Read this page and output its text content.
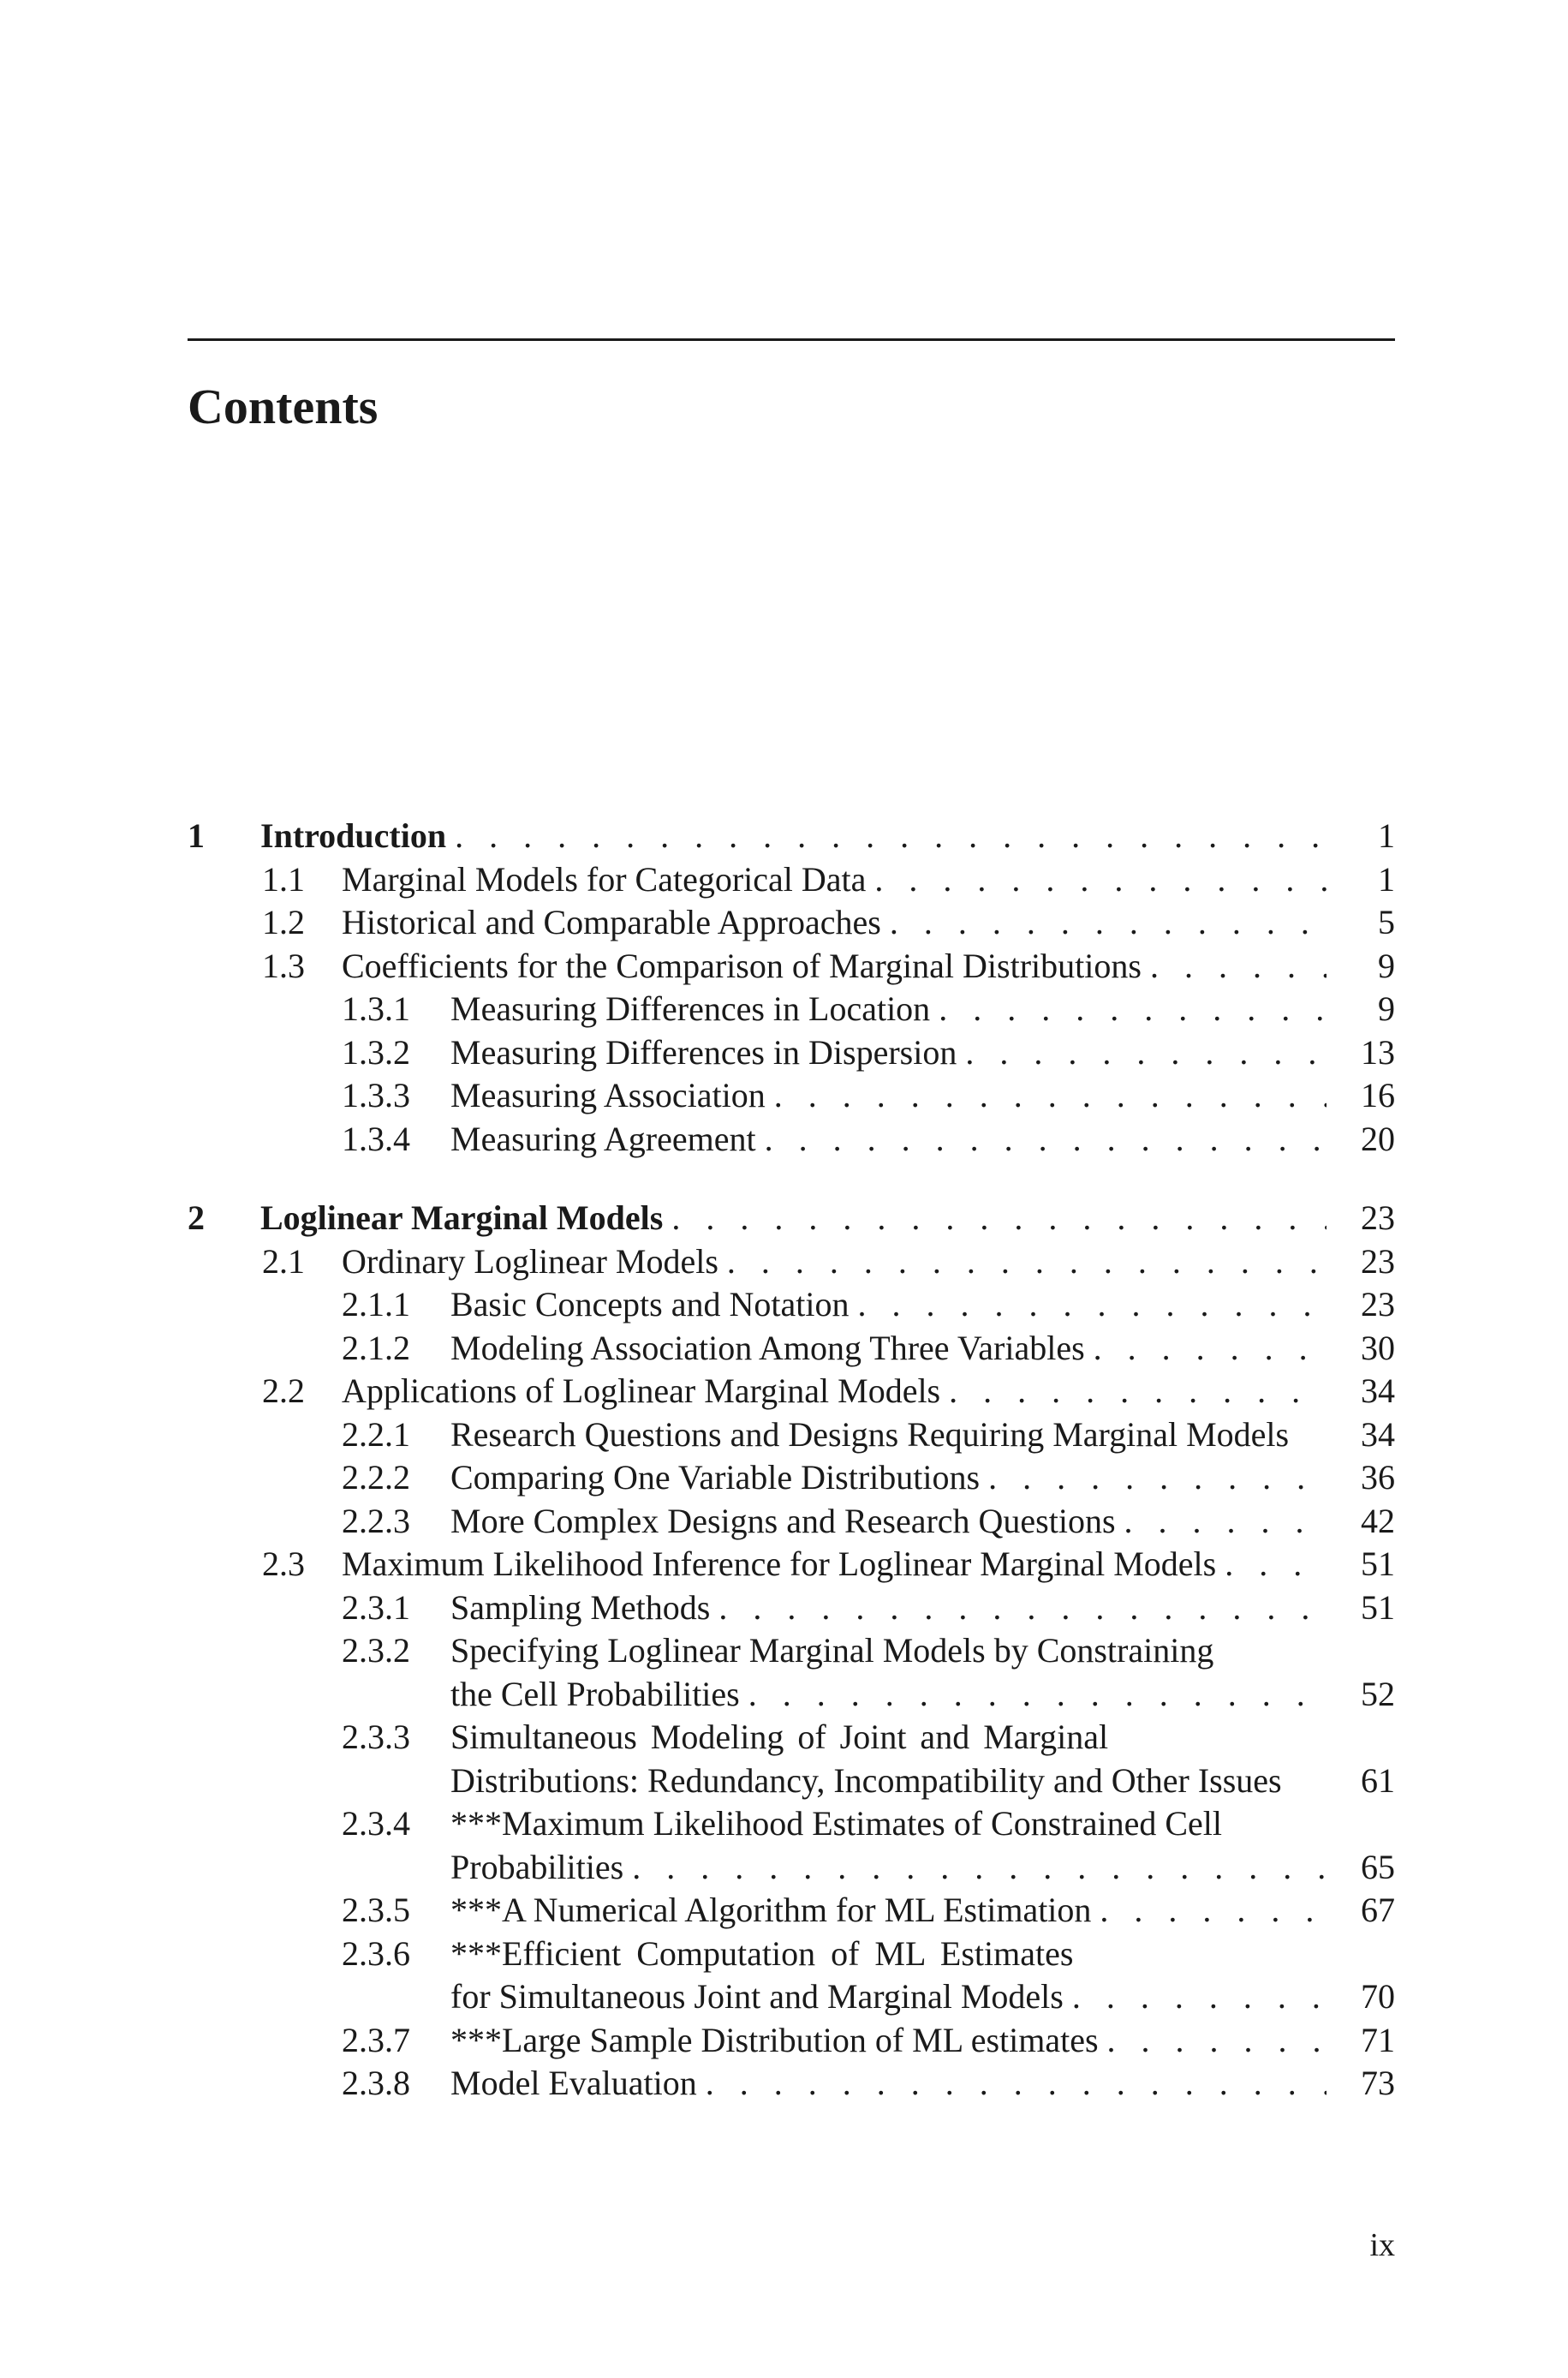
Contents
1 Introduction . . .	1
1.1 Marginal Models for Categorical Data . . .	1
1.2 Historical and Comparable Approaches . . .	5
1.3 Coefficients for the Comparison of Marginal Distributions . . .	9
1.3.1 Measuring Differences in Location . . .	9
1.3.2 Measuring Differences in Dispersion . . .	13
1.3.3 Measuring Association . . .	16
1.3.4 Measuring Agreement . . .	20
2 Loglinear Marginal Models . . .	23
2.1 Ordinary Loglinear Models . . .	23
2.1.1 Basic Concepts and Notation . . .	23
2.1.2 Modeling Association Among Three Variables . . .	30
2.2 Applications of Loglinear Marginal Models . . .	34
2.2.1 Research Questions and Designs Requiring Marginal Models 34
2.2.2 Comparing One Variable Distributions . . .	36
2.2.3 More Complex Designs and Research Questions . . .	42
2.3 Maximum Likelihood Inference for Loglinear Marginal Models . . .	51
2.3.1 Sampling Methods . . .	51
2.3.2 Specifying Loglinear Marginal Models by Constraining
the Cell Probabilities . . .	52
2.3.3 Simultaneous Modeling of Joint and Marginal
Distributions: Redundancy, Incompatibility and Other Issues 61
2.3.4 ***Maximum Likelihood Estimates of Constrained Cell
Probabilities . . .	65
2.3.5 ***A Numerical Algorithm for ML Estimation . . .	67
2.3.6 ***Efficient Computation of ML Estimates
for Simultaneous Joint and Marginal Models . . .	70
2.3.7 ***Large Sample Distribution of ML estimates . . .	71
2.3.8 Model Evaluation . . .	73
ix
